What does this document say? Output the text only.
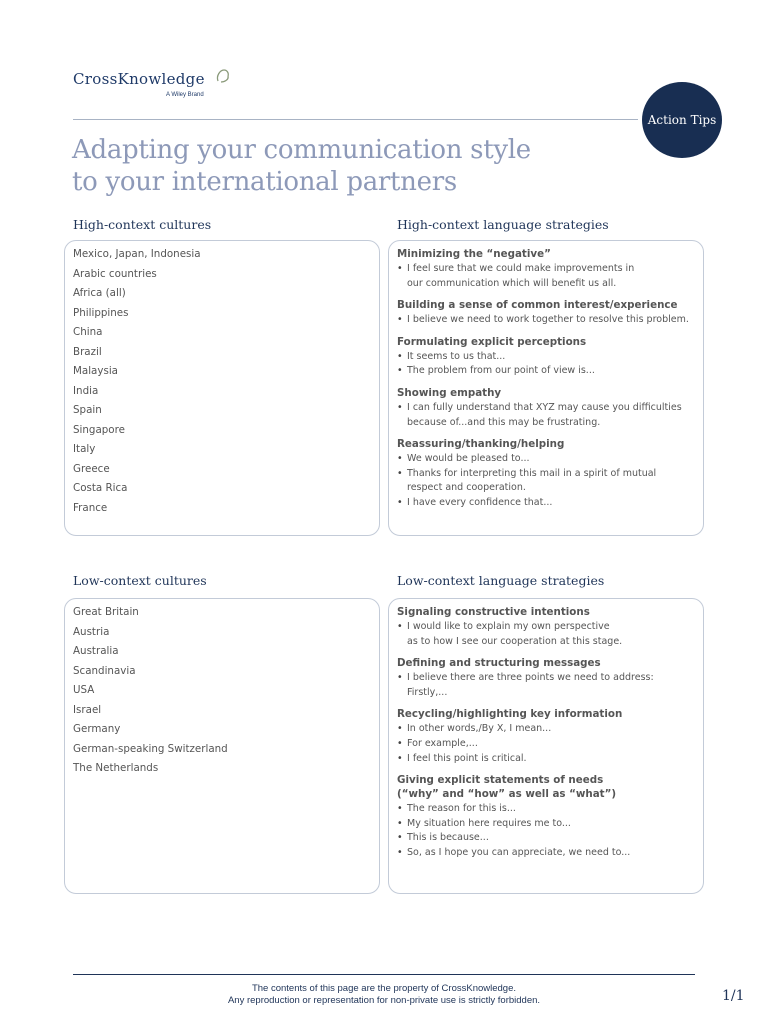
CrossKnowledge
A Wiley Brand
Action Tips
Adapting your communication style
to your international partners
High-context cultures	High-context language strategies
Mexico, Japan, Indonesia
Arabic countries
Africa (all)
Philippines
China
Brazil
Malaysia
India
Spain
Singapore
Italy
Greece
Costa Rica
France
Minimizing the “negative”
• I feel sure that we could make improvements in
our communication which will benefit us all.
Building a sense of common interest/experience
• I believe we need to work together to resolve this problem.
Formulating explicit perceptions
• It seems to us that...
• The problem from our point of view is...
Showing empathy
• I can fully understand that XYZ may cause you difficulties
because of...and this may be frustrating.
Reassuring/thanking/helping
• We would be pleased to...
• Thanks for interpreting this mail in a spirit of mutual
respect and cooperation.
• I have every confidence that...
Low-context cultures	Low-context language strategies
Great Britain
Austria
Australia
Scandinavia
USA
Israel
Germany
German-speaking Switzerland
The Netherlands
Signaling constructive intentions
• I would like to explain my own perspective
as to how I see our cooperation at this stage.
Defining and structuring messages
• I believe there are three points we need to address:
Firstly,...
Recycling/highlighting key information
• In other words,/By X, I mean...
• For example,...
• I feel this point is critical.
Giving explicit statements of needs
(“why” and “how” as well as “what”)
• The reason for this is...
• My situation here requires me to...
• This is because...
• So, as I hope you can appreciate, we need to...
The contents of this page are the property of CrossKnowledge.
Any reproduction or representation for non-private use is strictly forbidden.	1/1
